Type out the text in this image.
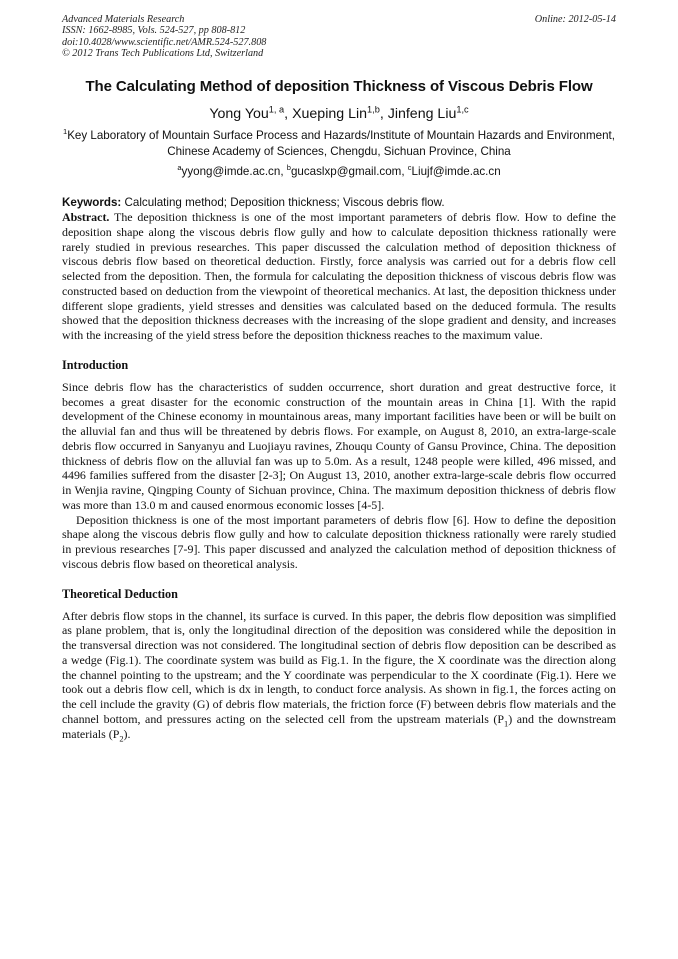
Advanced Materials Research
ISSN: 1662-8985, Vols. 524-527, pp 808-812
doi:10.4028/www.scientific.net/AMR.524-527.808
© 2012 Trans Tech Publications Ltd, Switzerland
Online: 2012-05-14
The Calculating Method of deposition Thickness of Viscous Debris Flow
Yong You$^{1, a}$, Xueping Lin$^{1,b}$, Jinfeng Liu$^{1,c}$
$^1$Key Laboratory of Mountain Surface Process and Hazards/Institute of Mountain Hazards and Environment, Chinese Academy of Sciences, Chengdu, Sichuan Province, China
$^a$yyong@imde.ac.cn, $^b$gucaslxp@gmail.com, $^c$Liujf@imde.ac.cn
Keywords: Calculating method; Deposition thickness; Viscous debris flow.

Abstract. The deposition thickness is one of the most important parameters of debris flow. How to define the deposition shape along the viscous debris flow gully and how to calculate deposition thickness rationally were rarely studied in previous researches. This paper discussed the calculation method of deposition thickness of viscous debris flow based on theoretical deduction. Firstly, force analysis was carried out for a debris flow cell selected from the deposition. Then, the formula for calculating the deposition thickness of viscous debris flow was constructed based on deduction from the viewpoint of theoretical mechanics. At last, the deposition thickness under different slope gradients, yield stresses and densities was calculated based on the deduced formula. The results showed that the deposition thickness decreases with the increasing of the slope gradient and density, and increases with the increasing of the yield stress before the deposition thickness reaches to the maximum value.

Introduction

Since debris flow has the characteristics of sudden occurrence, short duration and great destructive force, it becomes a great disaster for the economic construction of the mountain areas in China [1]. With the rapid development of the Chinese economy in mountainous areas, many important facilities have been or will be built on the alluvial fan and thus will be threatened by debris flows. For example, on August 8, 2010, an extra-large-scale debris flow occurred in Sanyanyu and Luojiayu ravines, Zhouqu County of Gansu Province, China. The deposition thickness of debris flow on the alluvial fan was up to 5.0m. As a result, 1248 people were killed, 496 missed, and 4496 families suffered from the disaster [2-3]; On August 13, 2010, another extra-large-scale debris flow occurred in Wenjia ravine, Qingping County of Sichuan province, China. The maximum deposition thickness of debris flow was more than 13.0 m and caused enormous economic losses [4-5].

Deposition thickness is one of the most important parameters of debris flow [6]. How to define the deposition shape along the viscous debris flow gully and how to calculate deposition thickness rationally were rarely studied in previous researches [7-9]. This paper discussed and analyzed the calculation method of deposition thickness of viscous debris flow based on theoretical analysis.

Theoretical Deduction

After debris flow stops in the channel, its surface is curved. In this paper, the debris flow deposition was simplified as plane problem, that is, only the longitudinal direction of the deposition was considered while the deposition in the transversal direction was not considered. The longitudinal section of debris flow deposition can be described as a wedge (Fig.1). The coordinate system was build as Fig.1. In the figure, the X coordinate was the direction along the channel pointing to the upstream; and the Y coordinate was perpendicular to the X coordinate (Fig.1). Here we took out a debris flow cell, which is dx in length, to conduct force analysis. As shown in fig.1, the forces acting on the cell include the gravity (G) of debris flow materials, the friction force (F) between debris flow materials and the channel bottom, and pressures acting on the selected cell from the upstream materials $(P_1)$ and the downstream materials $(P_2)$.
